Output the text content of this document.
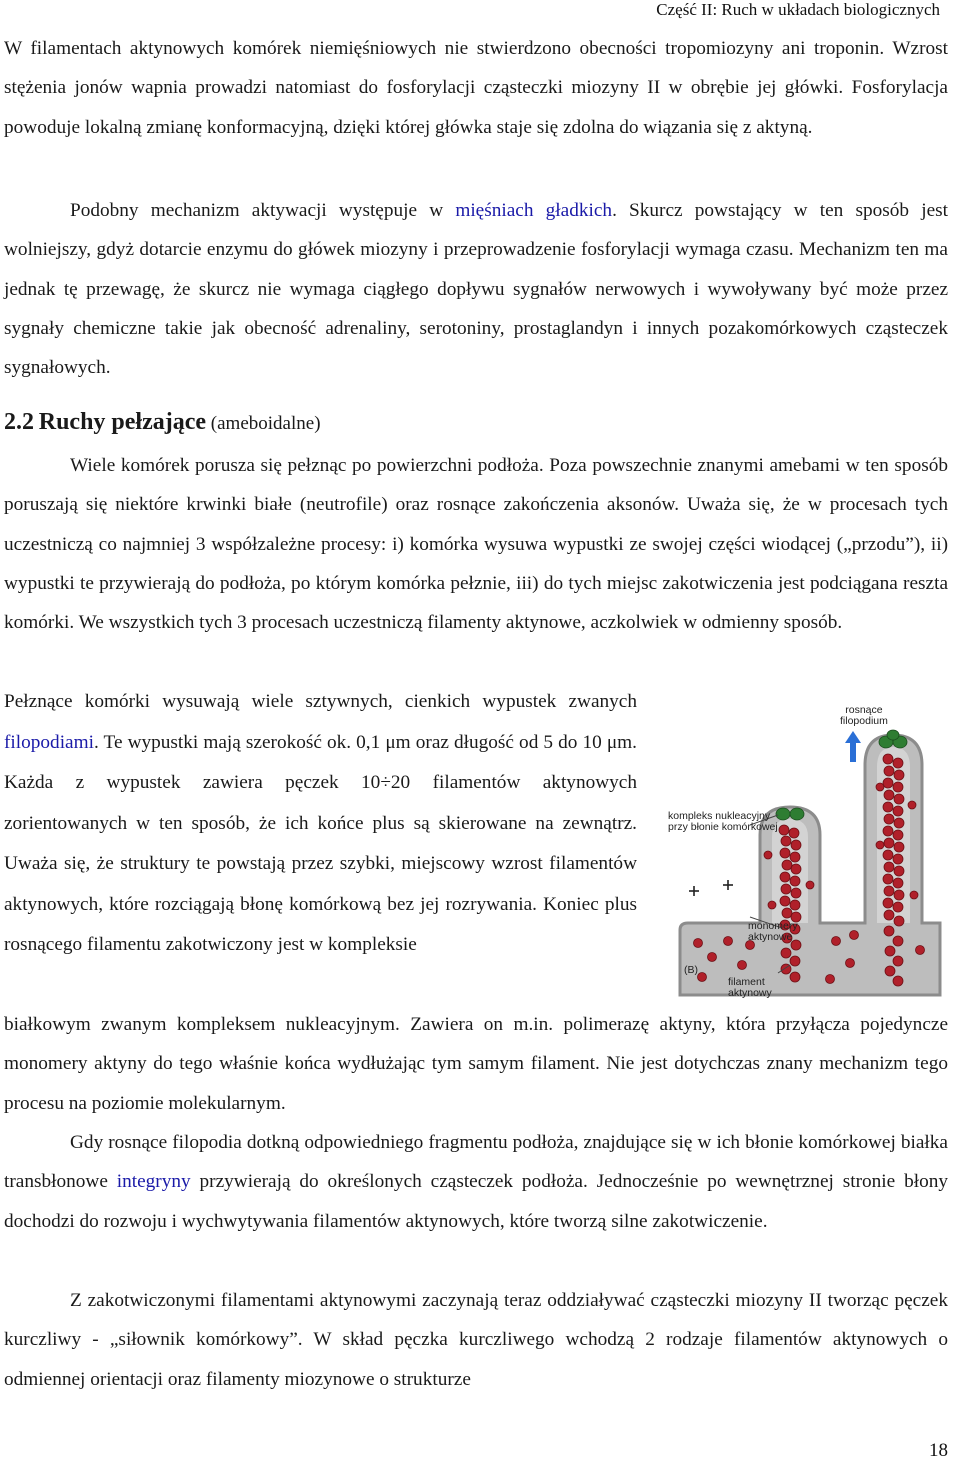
Część II: Ruch w układach biologicznych

W filamentach aktynowych komórek niemięśniowych nie stwierdzono obecności tropomiozyny ani troponin. Wzrost stężenia jonów wapnia prowadzi natomiast do fosforylacji cząsteczki miozyny II w obrębie jej główki. Fosforylacja powoduje lokalną zmianę konformacyjną, dzięki której główka staje się zdolna do wiązania się z aktyną.

Podobny mechanizm aktywacji występuje w mięśniach gładkich. Skurcz powstający w ten sposób jest wolniejszy, gdyż dotarcie enzymu do główek miozyny i przeprowadzenie fosforylacji wymaga czasu. Mechanizm ten ma jednak tę przewagę, że skurcz nie wymaga ciągłego dopływu sygnałów nerwowych i wywoływany być może przez sygnały chemiczne takie jak obecność adrenaliny, serotoniny, prostaglandyn i innych pozakomórkowych cząsteczek sygnałowych.

2.2 Ruchy pełzające (ameboidalne)

Wiele komórek porusza się pełznąc po powierzchni podłoża. Poza powszechnie znanymi amebami w ten sposób poruszają się niektóre krwinki białe (neutrofile) oraz rosnące zakończenia aksonów. Uważa się, że w procesach tych uczestniczą co najmniej 3 współzależne procesy: i) komórka wysuwa wypustki ze swojej części wiodącej („przodu”), ii) wypustki te przywierają do podłoża, po którym komórka pełznie, iii) do tych miejsc zakotwiczenia jest podciągana reszta komórki. We wszystkich tych 3 procesach uczestniczą filamenty aktynowe, aczkolwiek w odmienny sposób.

Pełznące komórki wysuwają wiele sztywnych, cienkich wypustek zwanych filopodiami. Te wypustki mają szerokość ok. 0,1 μm oraz długość od 5 do 10 μm. Każda z wypustek zawiera pęczek 10÷20 filamentów aktynowych zorientowanych w ten sposób, że ich końce plus są skierowane na zewnątrz. Uważa się, że struktury te powstają przez szybki, miejscowy wzrost filamentów aktynowych, które rozciągają błonę komórkową bez jej rozrywania. Koniec plus rosnącego filamentu zakotwiczony jest w kompleksie

białkowym zwanym kompleksem nukleacyjnym. Zawiera on m.in. polimerazę aktyny, która przyłącza pojedyncze monomery aktyny do tego właśnie końca wydłużając tym samym filament. Nie jest dotychczas znany mechanizm tego procesu na poziomie molekularnym.

Gdy rosnące filopodia dotkną odpowiedniego fragmentu podłoża, znajdujące się w ich błonie komórkowej białka transbłonowe integryny przywierają do określonych cząsteczek podłoża. Jednocześnie po wewnętrznej stronie błony dochodzi do rozwoju i wychwytywania filamentów aktynowych, które tworzą silne zakotwiczenie.

Z zakotwiczonymi filamentami aktynowymi zaczynają teraz oddziaływać cząsteczki miozyny II tworząc pęczek kurczliwy - „siłownik komórkowy”. W skład pęczka kurczliwego wchodzą 2 rodzaje filamentów aktynowych o odmiennej orientacji oraz filamenty miozynowe o strukturze

rosnące
filopodium
kompleks nukleacyjny
przy błonie komórkowej
monomery
aktynowe
(B)
filament
aktynowy
18
